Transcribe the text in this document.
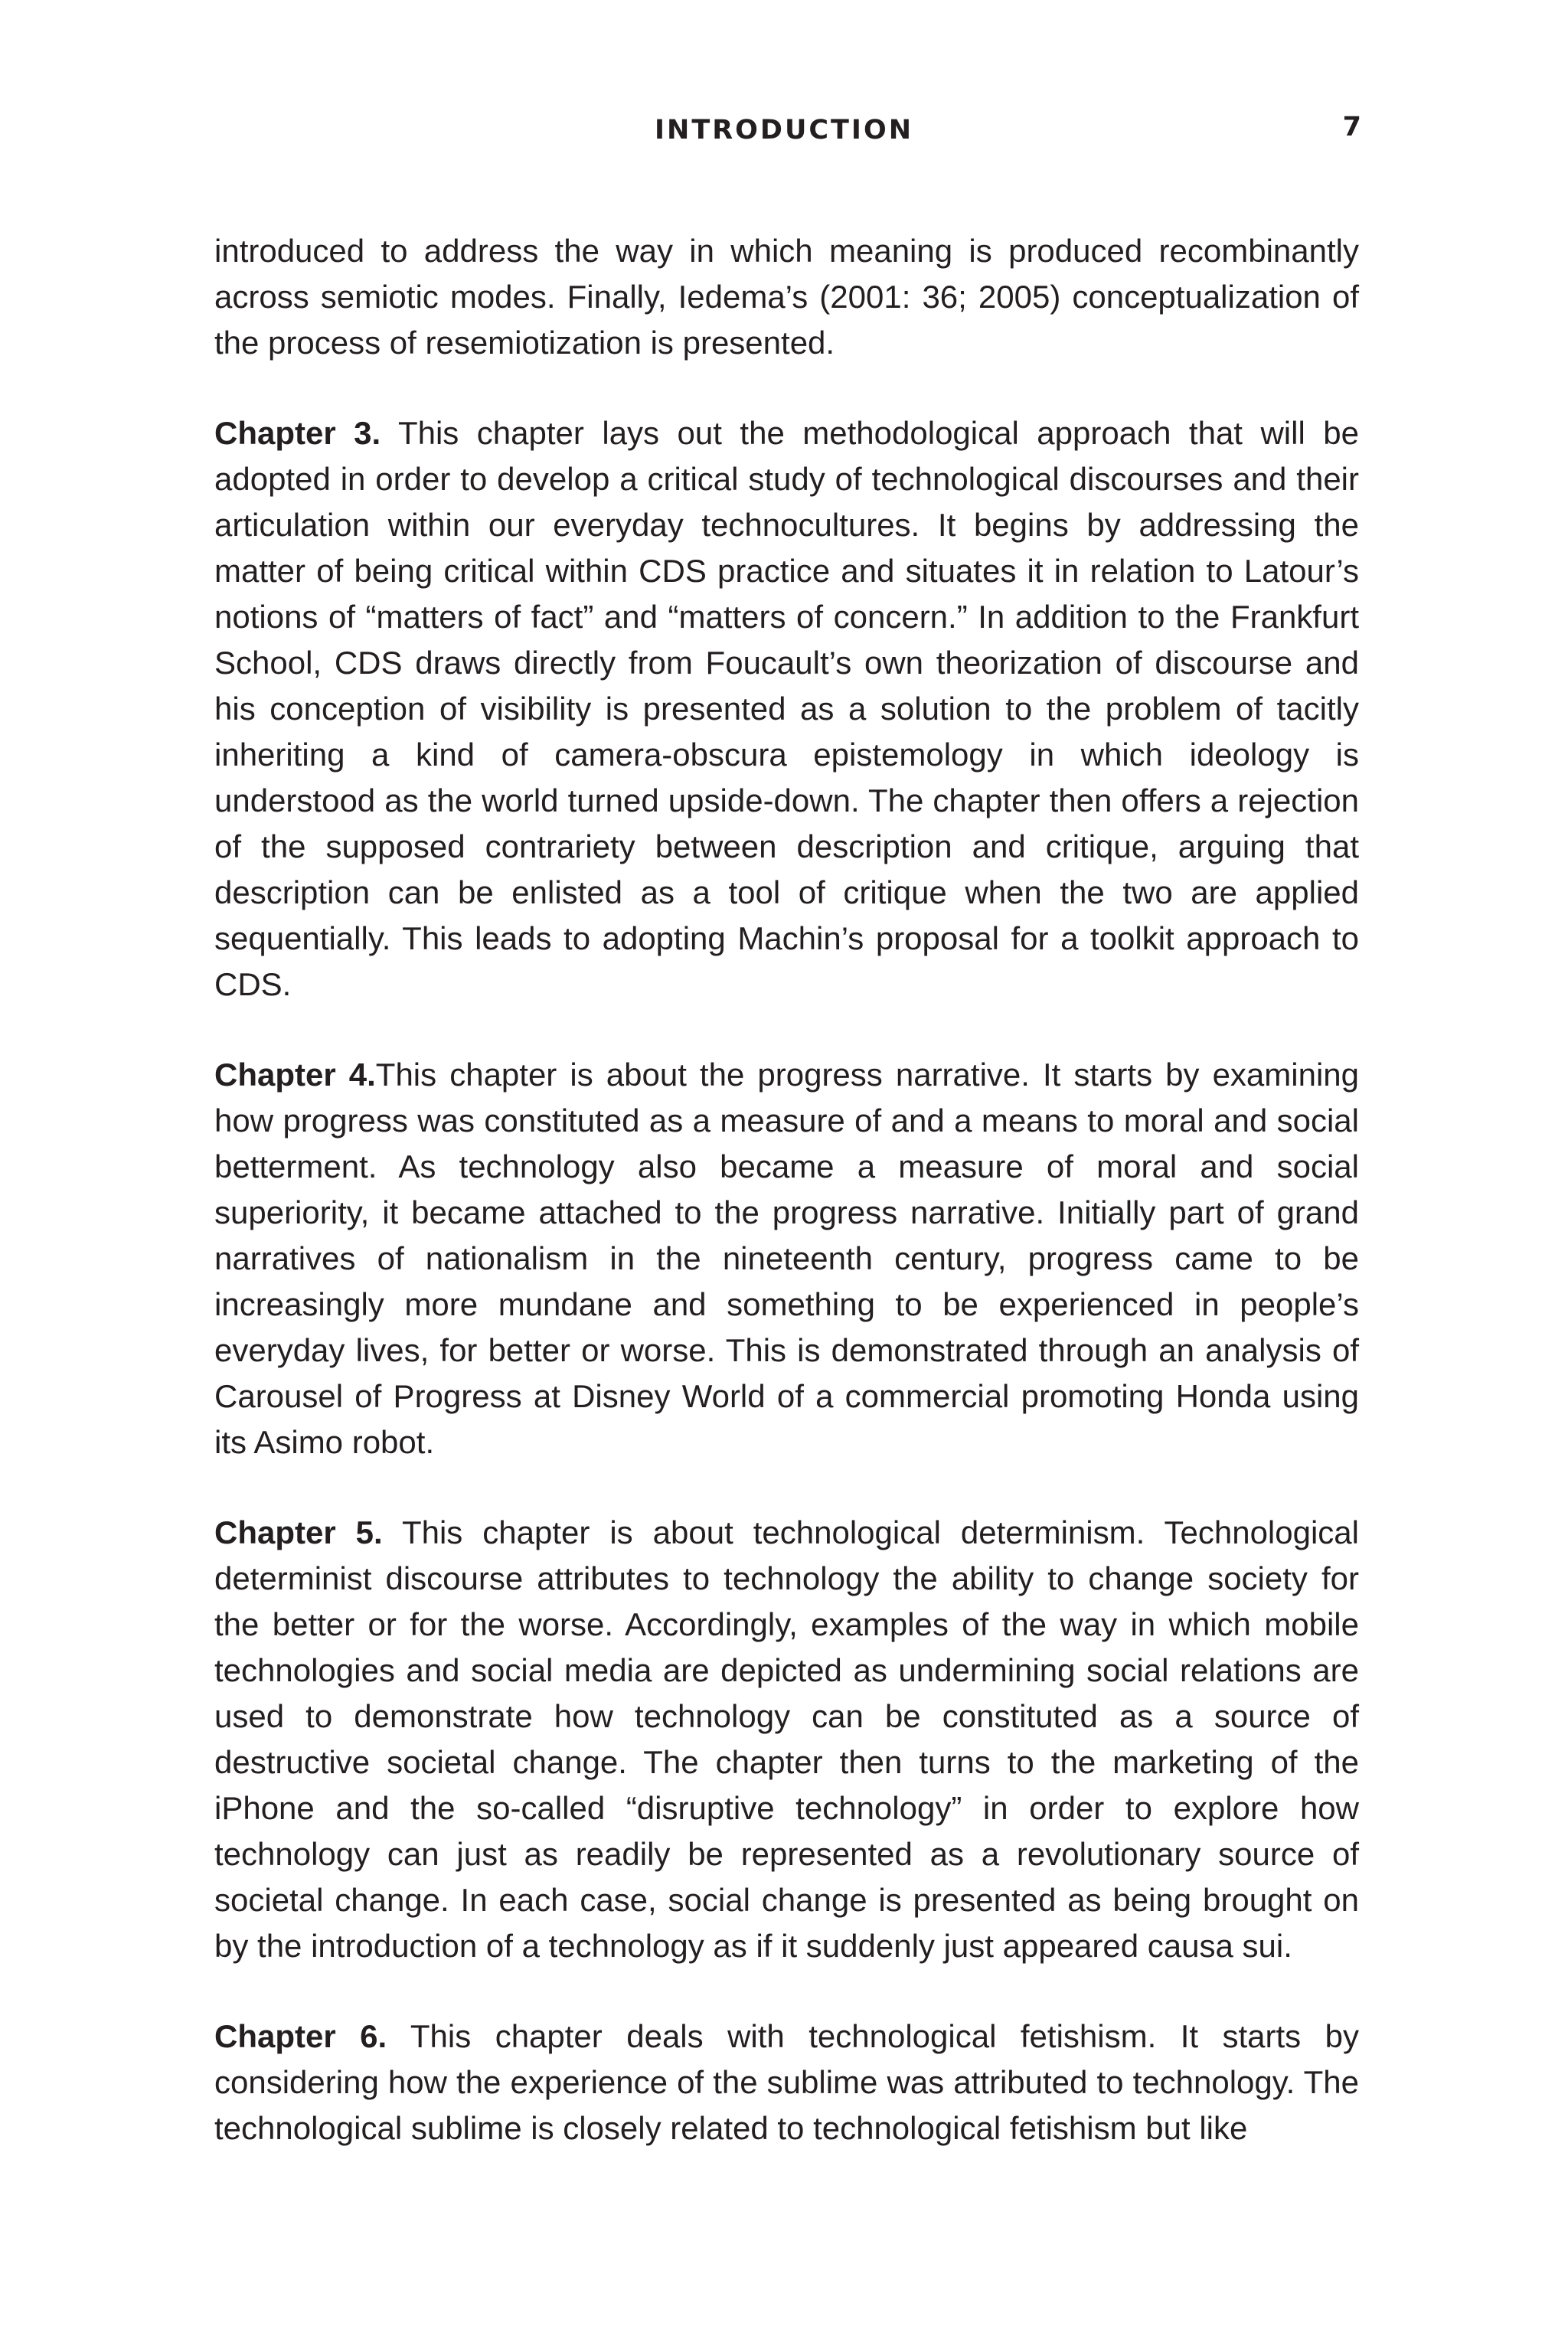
INTRODUCTION	7

introduced to address the way in which meaning is produced recombinantly across semiotic modes. Finally, Iedema’s (2001: 36; 2005) conceptualization of the process of resemiotization is presented.

Chapter 3. This chapter lays out the methodological approach that will be adopted in order to develop a critical study of technological discourses and their articulation within our everyday technocultures. It begins by addressing the matter of being critical within CDS practice and situates it in relation to Latour’s notions of “matters of fact” and “matters of concern.” In addition to the Frankfurt School, CDS draws directly from Foucault’s own theorization of discourse and his conception of visibility is presented as a solution to the problem of tacitly inheriting a kind of camera-obscura epistemology in which ideology is understood as the world turned upside-down. The chapter then offers a rejection of the supposed contrariety between description and critique, arguing that description can be enlisted as a tool of critique when the two are applied sequentially. This leads to adopting Machin’s proposal for a toolkit approach to CDS.

Chapter 4.This chapter is about the progress narrative. It starts by examining how progress was constituted as a measure of and a means to moral and social betterment. As technology also became a measure of moral and social superiority, it became attached to the progress narrative. Initially part of grand narratives of nationalism in the nineteenth century, progress came to be increasingly more mundane and something to be experienced in people’s everyday lives, for better or worse. This is demonstrated through an analysis of Carousel of Progress at Disney World of a commercial promoting Honda using its Asimo robot.

Chapter 5. This chapter is about technological determinism. Technological determinist discourse attributes to technology the ability to change society for the better or for the worse. Accordingly, examples of the way in which mobile technologies and social media are depicted as undermining social relations are used to demonstrate how technology can be constituted as a source of destructive societal change. The chapter then turns to the marketing of the iPhone and the so-called “disruptive technology” in order to explore how technology can just as readily be represented as a revolutionary source of societal change. In each case, social change is presented as being brought on by the introduction of a technology as if it suddenly just appeared causa sui.

Chapter 6. This chapter deals with technological fetishism. It starts by considering how the experience of the sublime was attributed to technology. The technological sublime is closely related to technological fetishism but like
